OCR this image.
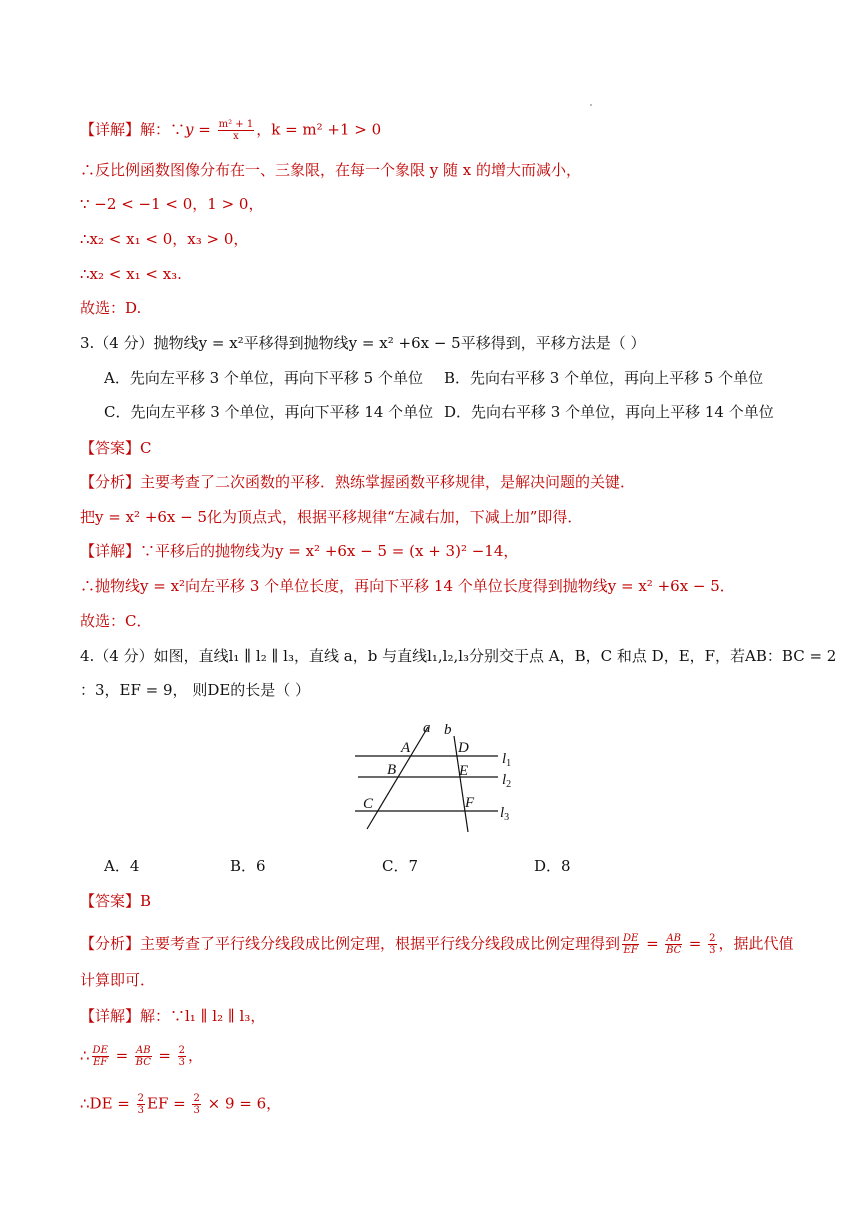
【详解】解：∵y = $\frac{\text{m² + 1}}{x}$ ，k = m² +1 > 0
∴反比例函数图像分布在一、三象限，在每一个象限 y 随 x 的增大而减小，
∵ −2 < −1 < 0，1 > 0，
∴x₂ < x₁ < 0，x₃ > 0，
∴x₂ < x₁ < x₃.
故选：D.
3.（4 分）抛物线y = x²平移得到抛物线y = x² +6x − 5平移得到，平移方法是（ ）
A．先向左平移 3 个单位，再向下平移 5 个单位 B．先向右平移 3 个单位，再向上平移 5 个单位
C．先向左平移 3 个单位，再向下平移 14 个单位 D．先向右平移 3 个单位，再向上平移 14 个单位
【答案】C
【分析】主要考查了二次函数的平移．熟练掌握函数平移规律，是解决问题的关键．
把y = x² +6x − 5化为顶点式，根据平移规律“左减右加，下减上加”即得．
【详解】∵平移后的抛物线为y = x² +6x − 5 = (x + 3)² −14，
∴抛物线y = x²向左平移 3 个单位长度，再向下平移 14 个单位长度得到抛物线y = x² +6x − 5．
故选：C．
4.（4 分）如图，直线l₁ ∥ l₂ ∥ l₃，直线 a，b 与直线l₁,l₂,l₃分别交于点 A，B，C 和点 D，E，F，若AB：BC = 2
：3，EF = 9， 则DE的长是（ ）
a b
A	D
B	E
C	F
$l_1$
$l_2$
$l_3$
A．4	B．6	C．7	D．8
【答案】B
【分析】主要考查了平行线分线段成比例定理，根据平行线分线段成比例定理得到 $\frac{DE}{EF} = \frac{AB}{BC} = \frac{2}{3}$ ，据此代值
计算即可．
【详解】解：∵l₁ ∥ l₂ ∥ l₃，
∴ $\frac{DE}{EF} = \frac{AB}{BC} = \frac{2}{3}$ ，
∴DE = $\frac{2}{3}$ EF = $\frac{2}{3} \times 9 = 6$，
